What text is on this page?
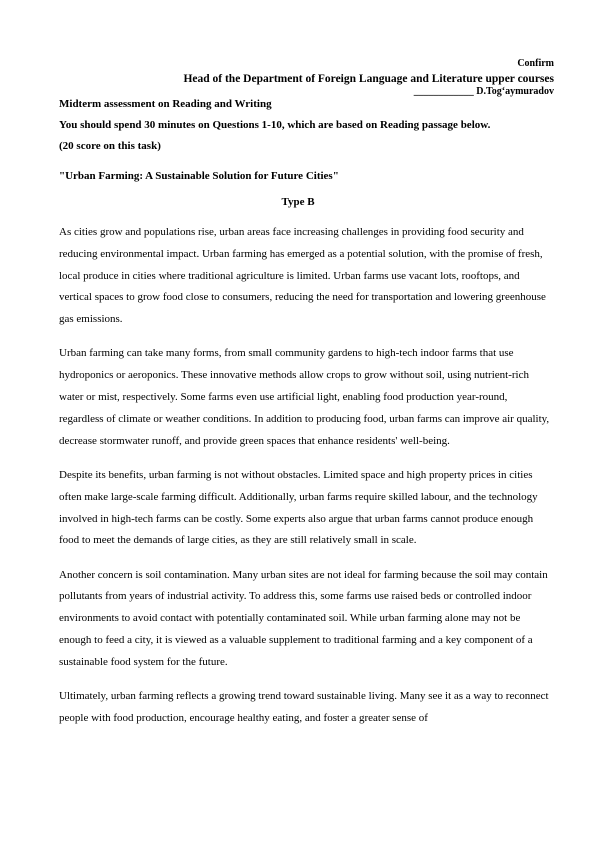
Confirm
Head of the Department of Foreign Language and Literature upper courses
____________ D.Tog‘aymuradov
Midterm assessment on Reading and Writing
You should spend 30 minutes on Questions 1-10, which are based on Reading passage below.
(20 score on this task)
"Urban Farming: A Sustainable Solution for Future Cities"
Type B

As cities grow and populations rise, urban areas face increasing challenges in providing food security and reducing environmental impact. Urban farming has emerged as a potential solution, with the promise of fresh, local produce in cities where traditional agriculture is limited. Urban farms use vacant lots, rooftops, and vertical spaces to grow food close to consumers, reducing the need for transportation and lowering greenhouse gas emissions.

Urban farming can take many forms, from small community gardens to high-tech indoor farms that use hydroponics or aeroponics. These innovative methods allow crops to grow without soil, using nutrient-rich water or mist, respectively. Some farms even use artificial light, enabling food production year-round, regardless of climate or weather conditions. In addition to producing food, urban farms can improve air quality, decrease stormwater runoff, and provide green spaces that enhance residents' well-being.

Despite its benefits, urban farming is not without obstacles. Limited space and high property prices in cities often make large-scale farming difficult. Additionally, urban farms require skilled labour, and the technology involved in high-tech farms can be costly. Some experts also argue that urban farms cannot produce enough food to meet the demands of large cities, as they are still relatively small in scale.

Another concern is soil contamination. Many urban sites are not ideal for farming because the soil may contain pollutants from years of industrial activity. To address this, some farms use raised beds or controlled indoor environments to avoid contact with potentially contaminated soil. While urban farming alone may not be enough to feed a city, it is viewed as a valuable supplement to traditional farming and a key component of a sustainable food system for the future.

Ultimately, urban farming reflects a growing trend toward sustainable living. Many see it as a way to reconnect people with food production, encourage healthy eating, and foster a greater sense of
